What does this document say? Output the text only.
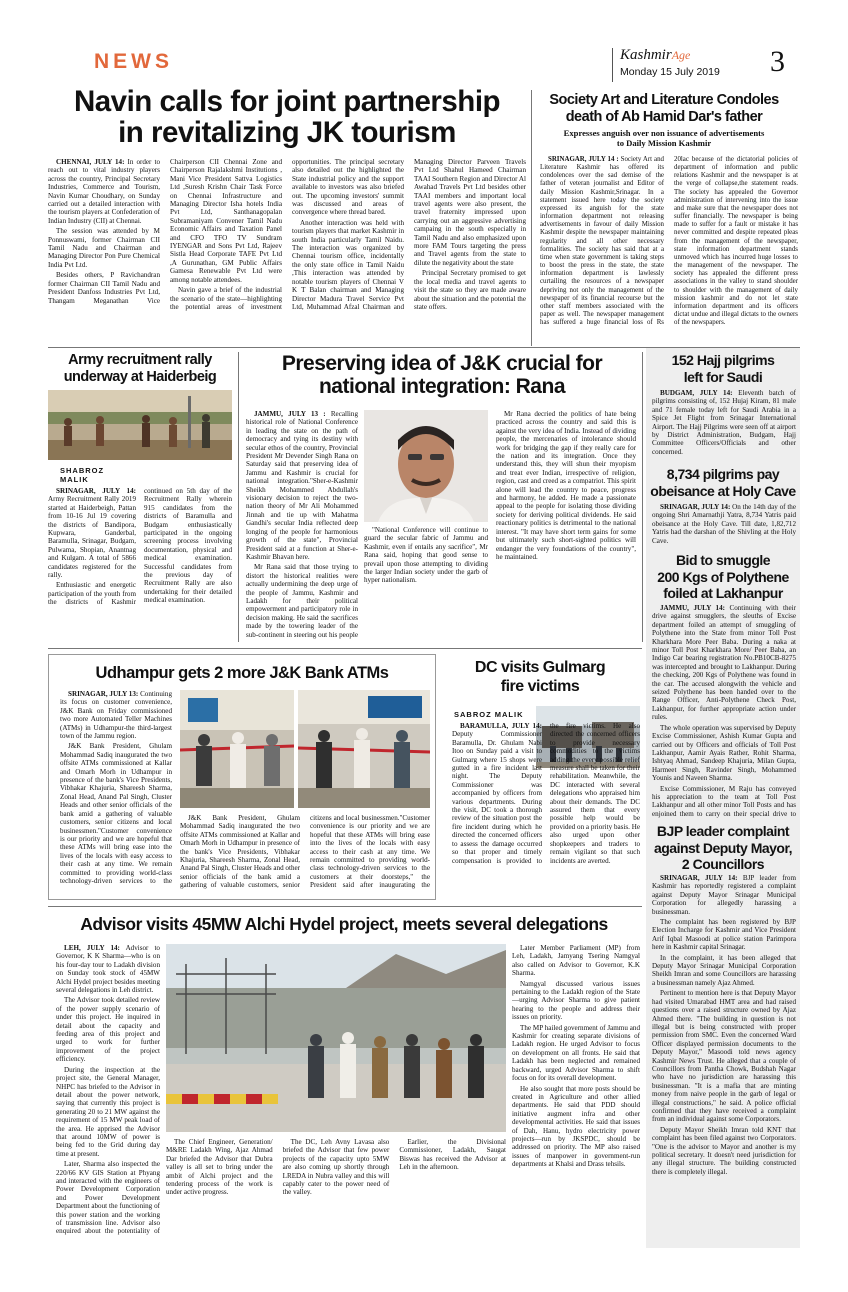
NEWS	KashmirAge
Monday 15 July 2019 3
Navin calls for joint partnership
in revitalizing JK tourism

CHENNAI, JULY 14: In order to reach out to vital industry players across the country, Principal Secretary Industries, Commerce and Tourism, Navin Kumar Choudhary, on Sunday carried out a detailed interaction with the tourism players at Confederation of Indian Industry (CII) at Chennai.

The session was attended by M Ponnuswami, former Chairman CII Tamil Nadu and Chairman and Managing Director Pon Pure Chemical India Pvt Ltd.

Besides others, P Ravichandran former Chairman CII Tamil Nadu and President Danfoss Industries Pvt Ltd, Thangam Meganathan Vice Chairperson CII Chennai Zone and Chairperson Rajalakshmi Institutions , Mani Vice President Sattva Logistics Ltd ,Suresh Krishn Chair Task Force on Chennai Infrastructure and Managing Director Isha hotels India Pvt Ltd, Santhanagopalan Subramaniyam Convener Tamil Nadu Economic Affairs and Taxation Panel and CFO TFO TV Sundram IYENGAR and Sons Pvt Ltd, Rajeev Sistla Head Corporate TAFE Pvt Ltd ,A Gurunathan, GM Public Affairs Gamesa Renewable Pvt Ltd were among notable attendees.

Navin gave a brief of the industrial the scenario of the state—highlighting the potential areas of investment opportunities. The principal secretary also detailed out the highlighted the State industrial policy and the support available to investors was also briefed out. The upcoming investors' summit was discussed and areas of convergence where thread bared.

Another interaction was held with tourism players that market Kashmir in south India particularly Tamil Naidu. The interaction was organized by Chennai tourism office, incidentally the only state office in Tamil Naidu ,This interaction was attended by notable tourism players of Chennai V K T Balan chairman and Managing Director Madura Travel Service Pvt Ltd, Muhammad Afzal Chairman and Managing Director Parveen Travels Pvt Ltd Shahul Hameed Chairman TAAI Southern Region and Director Al Awahad Travels Pvt Ltd besides other TAAI members and important local travel agents were also present, the travel fraternity impressed upon carrying out an aggressive advertising campaing in the south especially in Tamil Nadu and also emphasized upon more FAM Tours targeting the press and Travel agents from the state to dilute the negativity about the state

Principal Secretary promised to get the local media and travel agents to visit the state so they are made aware about the situation and the potential the state offers.

Society Art and Literature Condoles
death of Ab Hamid Dar's father
Expresses anguish over non issuance of advertisements
to Daily Mission Kashmir

SRINAGAR, JULY 14 : Society Art and Literature Kashmir has offered its condolences over the sad demise of the father of veteran journalist and Editor of daily Mission Kashmir,Srinagar. In a statement issued here today the society expressed its anguish for the state information department not releasing advertisements in favour of daily Mission Kashmir despite the newspaper maintaining regularity and all other necessary formalities. The society has said that at a time when state government is taking steps to boost the press in the state, the state information department is lawlessly curtailing the resources of a newspaper depriving not only the management of the newspaper of its financial recourse but the other staff members associated with the paper as well. The newspaper management has suffered a huge financial loss of Rs 20lac because of the dictatorial policies of department of information and public relations Kashmir and the newspaper is at the verge of collapse,the statement reads. The society has appealed the Governor administration of intervening into the issue and make sure that the newspaper does not suffer financially. The newspaper is being made to suffer for a fault or mistake it has never committed and despite repeated pleas from the management of the newspaper, state information department stands unmoved which has incurred huge losses to the management of the newspaper. The society has appealed the different press associations in the valley to stand shoulder to shoulder with the management of daily mission kashmir and do not let state information department and its officers dictat undue and illegal dictats to the owners of the newspapers.

Army recruitment rally
underway at Haiderbeig
SHABROZ
MALIK

SRINAGAR, JULY 14: Army Recruitment Rally 2019 started at Haiderbeigh, Pattan from 10-16 Jul 19 covering the districts of Bandipora, Kupwara, Ganderbal, Baramulla, Srinagar, Budgam, Pulwama, Shopian, Anantnag and Kulgam. A total of 5866 candidates registered for the rally.

Enthusiastic and energetic participation of the youth from the districts of Kashmir continued on 5th day of the Recruitment Rally wherein 915 candidates from the districts of Baramulla and Budgam enthusiastically participated in the ongoing screening process involving documentation, physical and medical examination. Successful candidates from the previous day of Recruitment Rally are also undertaking for their detailed medical examination.

Preserving idea of J&K crucial for
national integration: Rana

JAMMU, JULY 13 : Recalling historical role of National Conference in leading the state on the path of democracy and tying its destiny with secular ethos of the country, Provincial President Mr Devender Singh Rana on Saturday said that preserving idea of Jammu and Kashmir is crucial for national integration."Sher-e-Kashmir Sheikh Mohammed Abdullah's visionary decision to reject the two-nation theory of Mr Ali Mohammed Jinnah and tie up with Mahatma Gandhi's secular India reflected deep longing of the people for harmonious growth of the state", Provincial President said at a function at Sher-e-Kashmir Bhavan here.

Mr Rana said that those trying to distort the historical realities were actually undermining the deep urge of the people of Jammu, Kashmir and Ladakh for their political empowerment and participatory role in decision making. He said the sacrifices made by the towering leader of the sub-continent in steering out his people

"National Conference will continue to guard the secular fabric of Jammu and Kashmir, even if entails any sacrifice", Mr Rana said, hoping that good sense to prevail upon those attempting to dividing the larger Indian society under the garb of hyper nationalism.

Mr Rana decried the politics of hate being practiced across the country and said this is against the very idea of India. Instead of dividing people, the mercenaries of intolerance should work for bridging the gap if they really care for the nation and its integration. Once they understand this, they will shun their myopism and treat ever Indian, irrespective of religion, region, cast and creed as a compatriot. This spirit alone will lead the country to peace, progress and harmony, he added. He made a passionate appeal to the people for isolating those dividing society for deriving political dividends. He said reactionary politics is detrimental to the national interest. "It may have short term gains for some but ultimately such short-sighted politics will endanger the very foundations of the country", he maintained.

152 Hajj pilgrims
left for Saudi

BUDGAM, JULY 14: Eleventh batch of pilgrims consisting of, 152 Hujaj Kiram, 81 male and 71 female today left for Saudi Arabia in a Spice Jet Flight from Srinagar International Airport. The Hajj Pilgrims were seen off at airport by District Administration, Budgam, Hajj Committee Officers/Officials and other concerned.

8,734 pilgrims pay
obeisance at Holy Cave

SRINAGAR, JULY 14: On the 14th day of the ongoing Shri Amarnathji Yatra, 8,734 Yatris paid obeisance at the Holy Cave. Till date, 1,82,712 Yatris had the darshan of the Shivling at the Holy Cave.

Bid to smuggle
200 Kgs of Polythene
foiled at Lakhanpur

JAMMU, JULY 14: Continuing with their drive against smugglers, the sleuths of Excise department foiled an attempt of smuggling of Polythene into the State from minor Toll Post Kharkhara More Peer Baba. During a naka at minor Toll Post Kharkhara More/ Peer Baba, an Indigo Car bearing registration No.PB10CB-8275 was intercepted and brought to Lakhanpur. During the checking, 200 Kgs of Polythene was found in the car. The accused alongwith the vehicle and seized Polythene has been handed over to the Range Officer, Anti-Polythene Check Post, Lakhanpur, for further appropriate action under rules.

The whole operation was supervised by Deputy Excise Commissioner, Ashish Kumar Gupta and carried out by Officers and officials of Toll Post Lakhanpur, Aamir Ayais Rather, Rohit Sharma, Ishtyaq Ahmad, Sandeep Khajuria, Milan Gupta, Harmeet Singh, Ravinder Singh, Mohammed Younis and Naveen Sharma.

Excise Commissioner, M Raju has conveyed his appreciation to the team at Toll Post Lakhanpur and all other minor Toll Posts and has enjoined them to carry on their special drive to

BJP leader complaint
against Deputy Mayor,
2 Councillors

SRINAGAR, JULY 14: BJP leader from Kashmir has reportedly registered a complaint against Deputy Mayor Srinagar Municipal Corporation for allegedly harassing a businessman.

The complaint has been registered by BJP Election Incharge for Kashmir and Vice President Arif Iqbal Masoodi at police station Parimpora here in Kashmir capital Srinagar.

In the complaint, it has been alleged that Deputy Mayor Srinagar Municipal Corporation Sheikh Imran and some Councillors are harassing a businessman namely Ajaz Ahmed.

Pertinent to mention here is that Deputy Mayor had visited Umarabad HMT area and had raised questions over a raised structure owned by Ajaz Ahmed there. "The building in question is not illegal but is being constructed with proper permission from SMC. Even the concerned Ward Officer displayed permission documents to the Deputy Mayor," Masoodi told news agency Kashmir News Trust. He alleged that a couple of Councillors from Pantha Chowk, Budshah Nagar who have no jurisdiction are harassing this businessman. "It is a mafia that are minting money from naive people in the garb of legal or illegal constructions," he said. A police official confirmed that they have received a complaint from an individual against some Corporators.

Deputy Mayor Sheikh Imran told KNT that complaint has been filed against two Corporators. "One is the advisor to Mayor and another is my political secretary. It doesn't need jurisdiction for any illegal structure. The building constructed there is completely illegal.

Udhampur gets 2 more J&K Bank ATMs

SRINAGAR, JULY 13: Continuing its focus on customer convenience, J&K Bank on Friday commissioned two more Automated Teller Machines (ATMs) in Udhampur-the third-largest town of the Jammu region.

J&K Bank President, Ghulam Mohammad Sadiq inaugurated the two offsite ATMs commissioned at Kallar and Omarh Morh in Udhampur in presence of the bank's Vice Presidents, Vibhakar Khajuria, Shareesh Sharma, Zonal Head, Anand Pal Singh, Cluster Heads and other senior officials of the bank amid a gathering of valuable customers, senior citizens and local businessmen."Customer convenience is our priority and we are hopeful that these ATMs will bring ease into the lives of the locals with easy access to their cash at any time. We remain committed to providing world-class technology-driven services to the

J&K Bank President, Ghulam Mohammad Sadiq inaugurated the two offsite ATMs commissioned at Kallar and Omarh Morh in Udhampur in presence of the bank's Vice Presidents, Vibhakar Khajuria, Shareesh Sharma, Zonal Head, Anand Pal Singh, Cluster Heads and other senior officials of the bank amid a gathering of valuable customers, senior citizens and local businessmen."Customer convenience is our priority and we are hopeful that these ATMs will bring ease into the lives of the locals with easy access to their cash at any time. We remain committed to providing world-class technology-driven services to the customers at their doorsteps," the President said after inaugurating the

DC visits Gulmarg
fire victims
SABROZ MALIK

BARAMULLA, JULY 14: Deputy Commissioner Baramulla, Dr. Ghulam Nabi Itoo on Sunday paid a visit to Gulmarg where 15 shops were gutted in a fire incident last night. The Deputy Commissioner was accompanied by officers from various departments. During the visit, DC took a thorough review of the situation post the fire incident during which he directed the concerned officers to assess the damage occurred so that proper and timely compensation is provided to the fire victims. He also directed the concerned officers to provide necessary commodities to the victims adding the every possible relief measure shall be taken for their rehabilitation. Meanwhile, the DC interacted with several delegations who appraised him about their demands. The DC assured them that every possible help would be provided on a priority basis. He also urged upon other shopkeepers and traders to remain vigilant so that such incidents are averted.

Advisor visits 45MW Alchi Hydel project, meets several delegations

LEH, JULY 14: Advisor to Governor, K K Sharma—who is on his four-day tour to Ladakh division on Sunday took stock of 45MW Alchi Hydel project besides meeting several delegations in Leh district.

The Advisor took detailed review of the power supply scenario of under this project. He inquired in detail about the capacity and feeding area of this project and urged to work for further improvement of the project efficiency.

During the inspection at the project site, the General Manager, NHPC has briefed to the Advisor in detail about the power network, saying that currently this project is generating 20 to 21 MW against the requirement of 15 MW peak load of the area. He apprised the Advisor that around 10MW of power is being fed to the Grid during day time at present.

Later, Sharma also inspected the 220/66 KV GIS Station at Phyang and interacted with the engineers of Power Development Corporation and Power Development Department about the functioning of this power station and the working of transmission line. Advisor also enquired about the potentiality of

The Chief Engineer, Generation/ M&RE Ladakh Wing, Ajaz Ahmad Dar briefed the Advisor that Dubra valley is all set to bring under the ambit of Alchi project and the tendering process of the work is under active progress.

The DC, Leh Avny Lavasa also briefed the Advisor that few power projects of the capacity upto 5MW are also coming up shortly through LREDA in Nubra valley and this will capably cater to the power need of the valley.

Earlier, the Divisional Commissioner, Ladakh, Saugat Biswas has received the Advisor at Leh in the afternoon.

Later Member Parliament (MP) from Leh, Ladakh, Jamyang Tsering Namgyal also called on Advisor to Governor, K.K Sharma.

Namgyal discussed various issues pertaining to the Ladakh region of the State—urging Advisor Sharma to give patient hearing to the people and address their issues on priority.

The MP hailed government of Jammu and Kashmir for creating separate divisions of Ladakh region. He urged Advisor to focus on development on all fronts. He said that Ladakh has been neglected and remained backward, urged Advisor Sharma to shift focus on for its overall development.

He also sought that more posts should be created in Agriculture and other allied departments. He said that PDD should initiative augment infra and other developmental activities. He said that issues of Dah, Hanu, hydro electricity power projects—run by JKSPDC, should be addressed on priority. The MP also raised issues of manpower in government-run departments at Khalsi and Drass tehsils.
